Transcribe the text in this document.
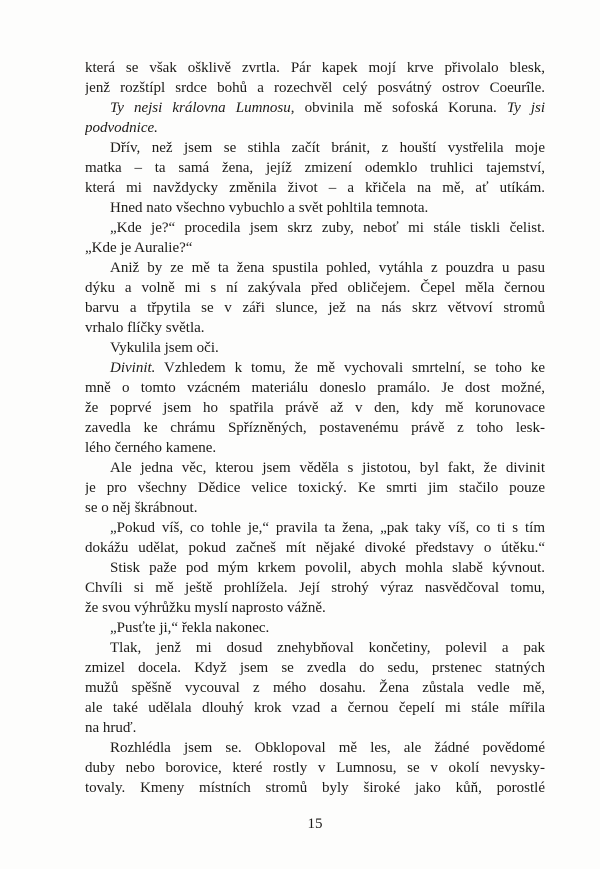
která se však ošklivě zvrtla. Pár kapek mojí krve přivolalo blesk,
jenž rozštípl srdce bohů a rozechvěl celý posvátný ostrov Coeurîle.
Ty nejsi královna Lumnosu, obvinila mě sofoská Koruna. Ty jsi
podvodnice.
Dřív, než jsem se stihla začít bránit, z houští vystřelila moje
matka – ta samá žena, jejíž zmizení odemklo truhlici tajemství,
která mi navždycky změnila život – a křičela na mě, ať utíkám.
Hned nato všechno vybuchlo a svět pohltila temnota.
„Kde je?“ procedila jsem skrz zuby, neboť mi stále tiskli čelist.
„Kde je Auralie?“
Aniž by ze mě ta žena spustila pohled, vytáhla z pouzdra u pasu
dýku a volně mi s ní zakývala před obličejem. Čepel měla černou
barvu a třpytila se v záři slunce, jež na nás skrz větvoví stromů
vrhalo flíčky světla.
Vykulila jsem oči.
Divinit. Vzhledem k tomu, že mě vychovali smrtelní, se toho ke
mně o tomto vzácném materiálu doneslo pramálo. Je dost možné,
že poprvé jsem ho spatřila právě až v den, kdy mě korunovace
zavedla ke chrámu Spřízněných, postavenému právě z toho lesk-
lého černého kamene.
Ale jedna věc, kterou jsem věděla s jistotou, byl fakt, že divinit
je pro všechny Dědice velice toxický. Ke smrti jim stačilo pouze
se o něj škrábnout.
„Pokud víš, co tohle je,“ pravila ta žena, „pak taky víš, co ti s tím
dokážu udělat, pokud začneš mít nějaké divoké představy o útěku.“
Stisk paže pod mým krkem povolil, abych mohla slabě kývnout.
Chvíli si mě ještě prohlížela. Její strohý výraz nasvědčoval tomu,
že svou výhrůžku myslí naprosto vážně.
„Pusťte ji,“ řekla nakonec.
Tlak, jenž mi dosud znehybňoval končetiny, polevil a pak
zmizel docela. Když jsem se zvedla do sedu, prstenec statných
mužů spěšně vycouval z mého dosahu. Žena zůstala vedle mě,
ale také udělala dlouhý krok vzad a černou čepelí mi stále mířila
na hruď.
Rozhlédla jsem se. Obklopoval mě les, ale žádné povědomé
duby nebo borovice, které rostly v Lumnosu, se v okolí nevysky-
tovaly. Kmeny místních stromů byly široké jako kůň, porostlé
15
